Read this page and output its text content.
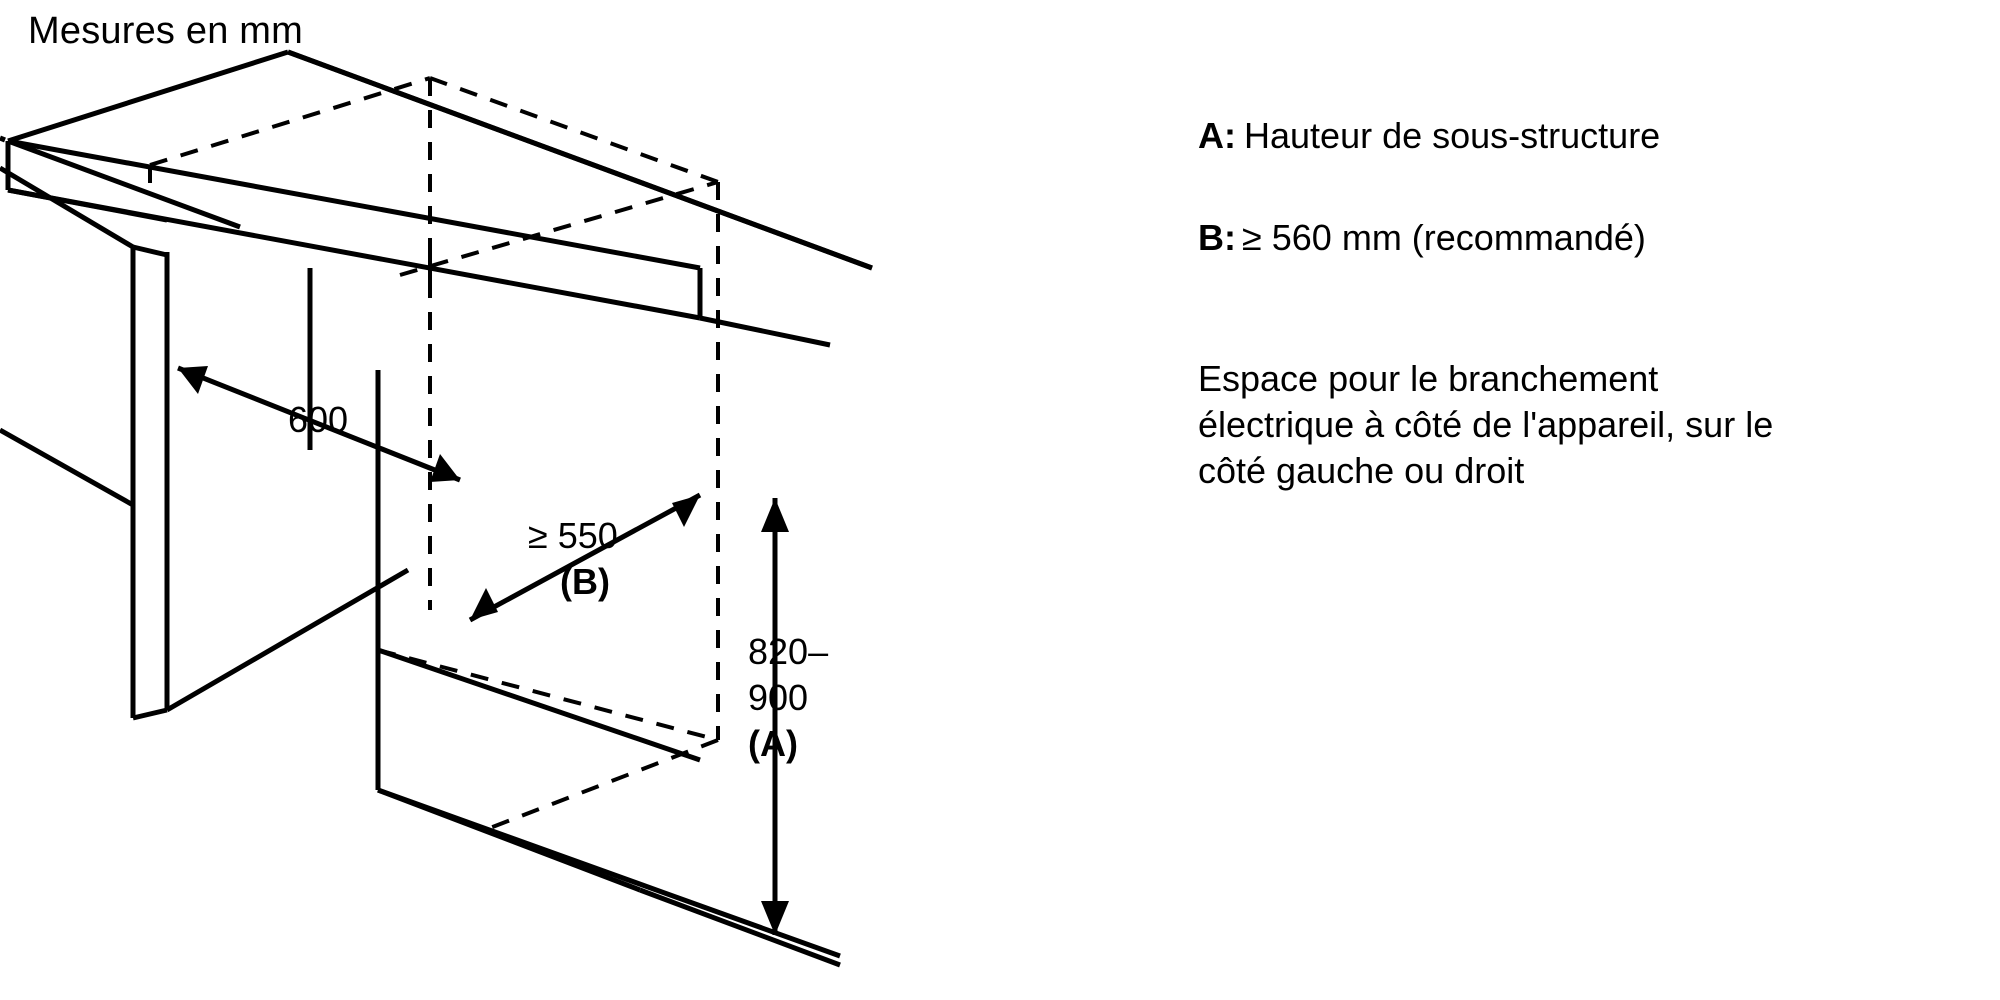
Mesures en mm
600
≥ 550
(B)
820–
900
(A)
A: Hauteur de sous-structure
B: ≥ 560 mm (recommandé)
Espace pour le branchement
électrique à côté de l'appareil, sur le
côté gauche ou droit
